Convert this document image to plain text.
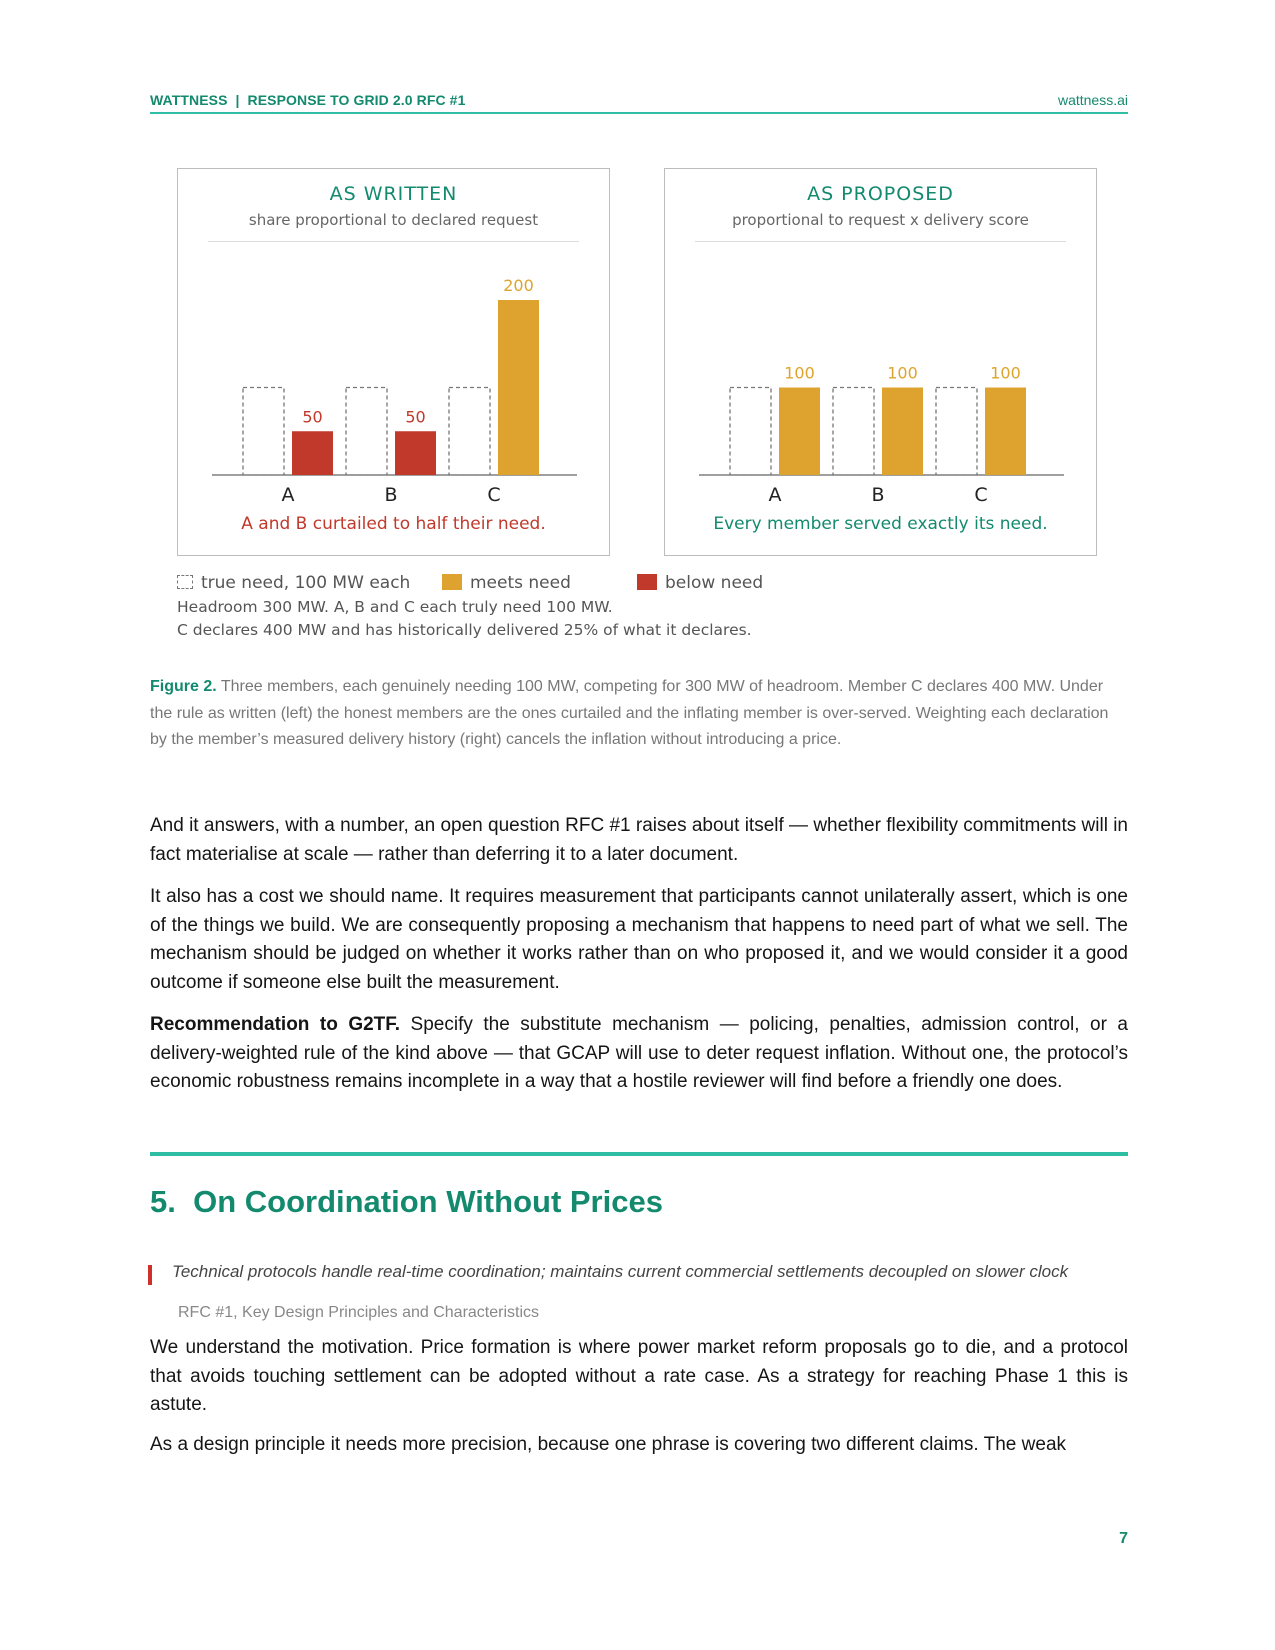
WATTNESS  |  RESPONSE TO GRID 2.0 RFC #1	wattness.ai
AS WRITTEN
share proportional to declared request
50
A
50
B
200
C
A and B curtailed to half their need.
AS PROPOSED
proportional to request x delivery score
100
A
100
B
100
C
Every member served exactly its need.
true need, 100 MW each	meets need	below need
Headroom 300 MW. A, B and C each truly need 100 MW.
C declares 400 MW and has historically delivered 25% of what it declares.
Figure 2. Three members, each genuinely needing 100 MW, competing for 300 MW of headroom. Member C declares 400 MW. Under the rule as written (left) the honest members are the ones curtailed and the inflating member is over-served. Weighting each declaration by the member’s measured delivery history (right) cancels the inflation without introducing a price.
And it answers, with a number, an open question RFC #1 raises about itself — whether flexibility commitments will in fact materialise at scale — rather than deferring it to a later document.
It also has a cost we should name. It requires measurement that participants cannot unilaterally assert, which is one of the things we build. We are consequently proposing a mechanism that happens to need part of what we sell. The mechanism should be judged on whether it works rather than on who proposed it, and we would consider it a good outcome if someone else built the measurement.
Recommendation to G2TF. Specify the substitute mechanism — policing, penalties, admission control, or a delivery-weighted rule of the kind above — that GCAP will use to deter request inflation. Without one, the protocol’s economic robustness remains incomplete in a way that a hostile reviewer will find before a friendly one does.
5.  On Coordination Without Prices
Technical protocols handle real-time coordination; maintains current commercial settlements decoupled on slower clock
RFC #1, Key Design Principles and Characteristics
We understand the motivation. Price formation is where power market reform proposals go to die, and a protocol that avoids touching settlement can be adopted without a rate case. As a strategy for reaching Phase 1 this is astute.
As a design principle it needs more precision, because one phrase is covering two different claims. The weak
7
